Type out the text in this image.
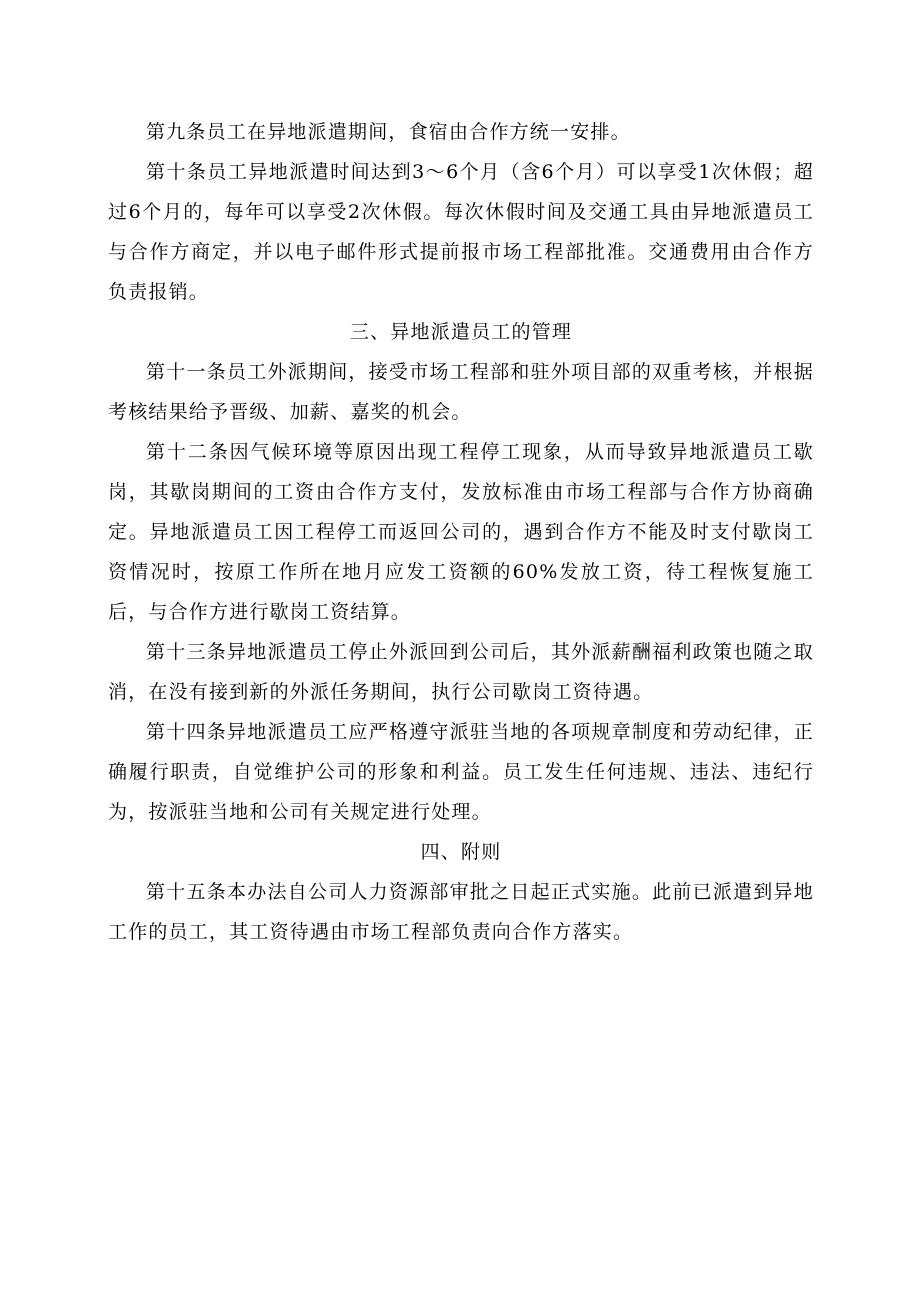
第九条员工在异地派遣期间，食宿由合作方统一安排。

第十条员工异地派遣时间达到3～6个月（含6个月）可以享受1次休假；超过6个月的，每年可以享受2次休假。每次休假时间及交通工具由异地派遣员工与合作方商定，并以电子邮件形式提前报市场工程部批准。交通费用由合作方负责报销。

三、异地派遣员工的管理

第十一条员工外派期间，接受市场工程部和驻外项目部的双重考核，并根据考核结果给予晋级、加薪、嘉奖的机会。

第十二条因气候环境等原因出现工程停工现象，从而导致异地派遣员工歇岗，其歇岗期间的工资由合作方支付，发放标准由市场工程部与合作方协商确定。异地派遣员工因工程停工而返回公司的，遇到合作方不能及时支付歇岗工资情况时，按原工作所在地月应发工资额的60%发放工资，待工程恢复施工后，与合作方进行歇岗工资结算。

第十三条异地派遣员工停止外派回到公司后，其外派薪酬福利政策也随之取消，在没有接到新的外派任务期间，执行公司歇岗工资待遇。

第十四条异地派遣员工应严格遵守派驻当地的各项规章制度和劳动纪律，正确履行职责，自觉维护公司的形象和利益。员工发生任何违规、违法、违纪行为，按派驻当地和公司有关规定进行处理。

四、附则

第十五条本办法自公司人力资源部审批之日起正式实施。此前已派遣到异地工作的员工，其工资待遇由市场工程部负责向合作方落实。
